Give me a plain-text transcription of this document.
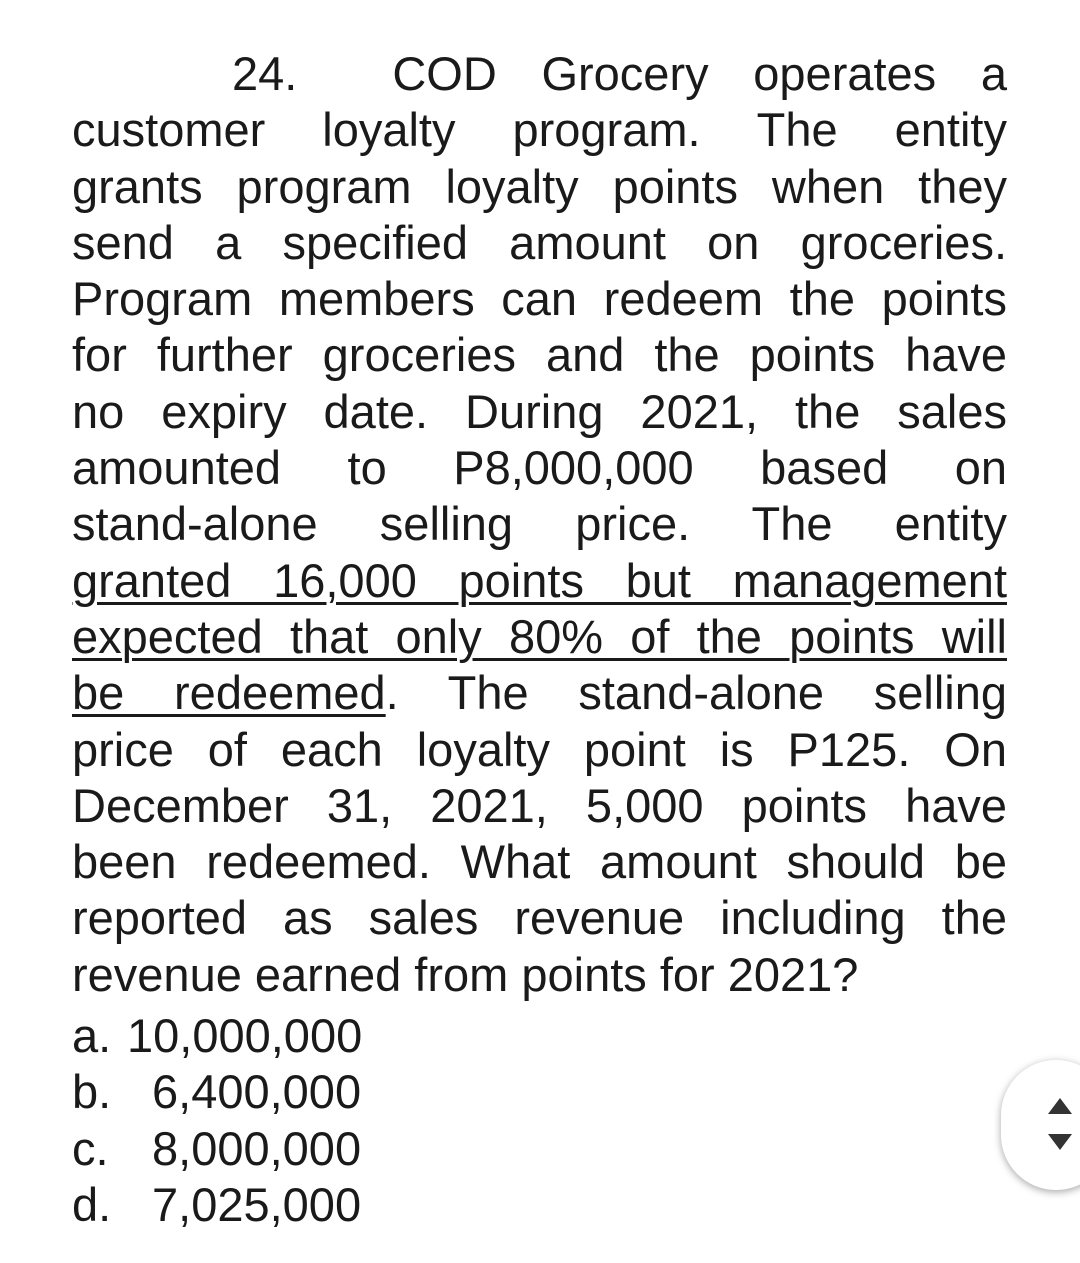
24. COD Grocery operates a
customer loyalty program. The entity
grants program loyalty points when they
send a specified amount on groceries.
Program members can redeem the points
for further groceries and the points have
no expiry date. During 2021, the sales
amounted to P8,000,000 based on
stand-alone selling price. The entity
granted 16,000 points but management
expected that only 80% of the points will
be redeemed. The stand-alone selling
price of each loyalty point is P125. On
December 31, 2021, 5,000 points have
been redeemed. What amount should be
reported as sales revenue including the
revenue earned from points for 2021?
a. 10,000,000
b. 6,400,000
c. 8,000,000
d. 7,025,000
